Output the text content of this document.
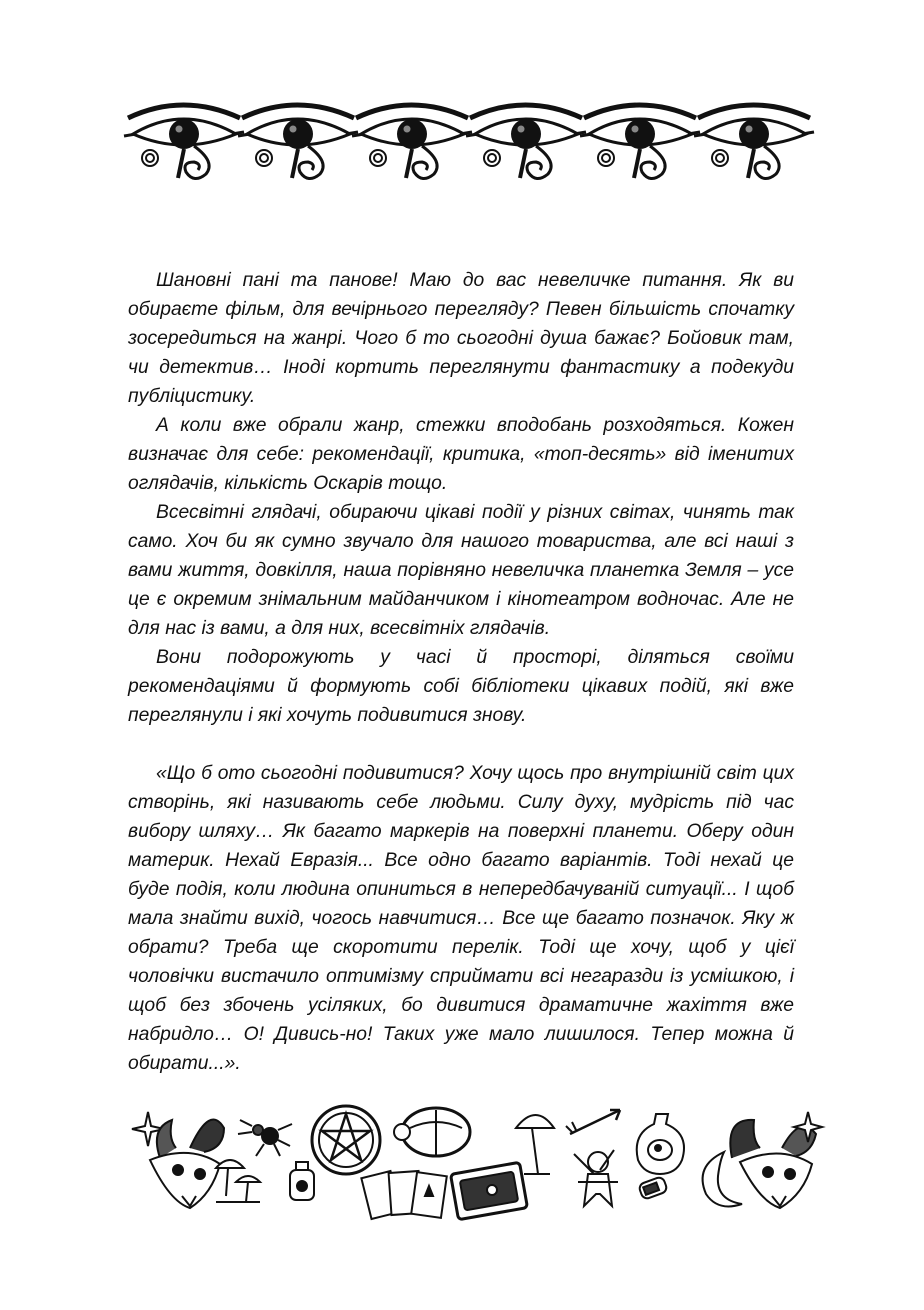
Шановні пані та панове! Маю до вас невеличке питання. Як ви обираєте фільм, для вечірнього перегляду? Певен більшість спочатку зосередиться на жанрі. Чого б то сьогодні душа бажає? Бойовик там, чи детектив… Іноді кортить переглянути фантастику а подекуди публіцистику.

А коли вже обрали жанр, стежки вподобань розходяться. Кожен визначає для себе: рекомендації, критика, «топ-десять» від іменитих оглядачів, кількість Оскарів тощо.

Всесвітні глядачі, обираючи цікаві події у різних світах, чинять так само. Хоч би як сумно звучало для нашого товариства, але всі наші з вами життя, довкілля, наша порівняно невеличка планетка Земля – усе це є окремим знімальним майданчиком і кінотеатром водночас. Але не для нас із вами, а для них, всесвітніх глядачів.

Вони подорожують у часі й просторі, діляться своїми рекомендаціями й формують собі бібліотеки цікавих подій, які вже переглянули і які хочуть подивитися знову.

«Що б ото сьогодні подивитися? Хочу щось про внутрішній світ цих створінь, які називають себе людьми. Силу духу, мудрість під час вибору шляху… Як багато маркерів на поверхні планети. Оберу один материк. Нехай Евразія... Все одно багато варіантів. Тоді нехай це буде подія, коли людина опиниться в непередбачуваній ситуації... І щоб мала знайти вихід, чогось навчитися… Все ще багато позначок. Яку ж обрати? Треба ще скоротити перелік. Тоді ще хочу, щоб у цієї чоловічки вистачило оптимізму сприймати всі негаразди із усмішкою, і щоб без збочень усіляких, бо дивитися драматичне жахіття вже набридло… О! Дивись-но! Таких уже мало лишилося. Тепер можна й обирати...».
